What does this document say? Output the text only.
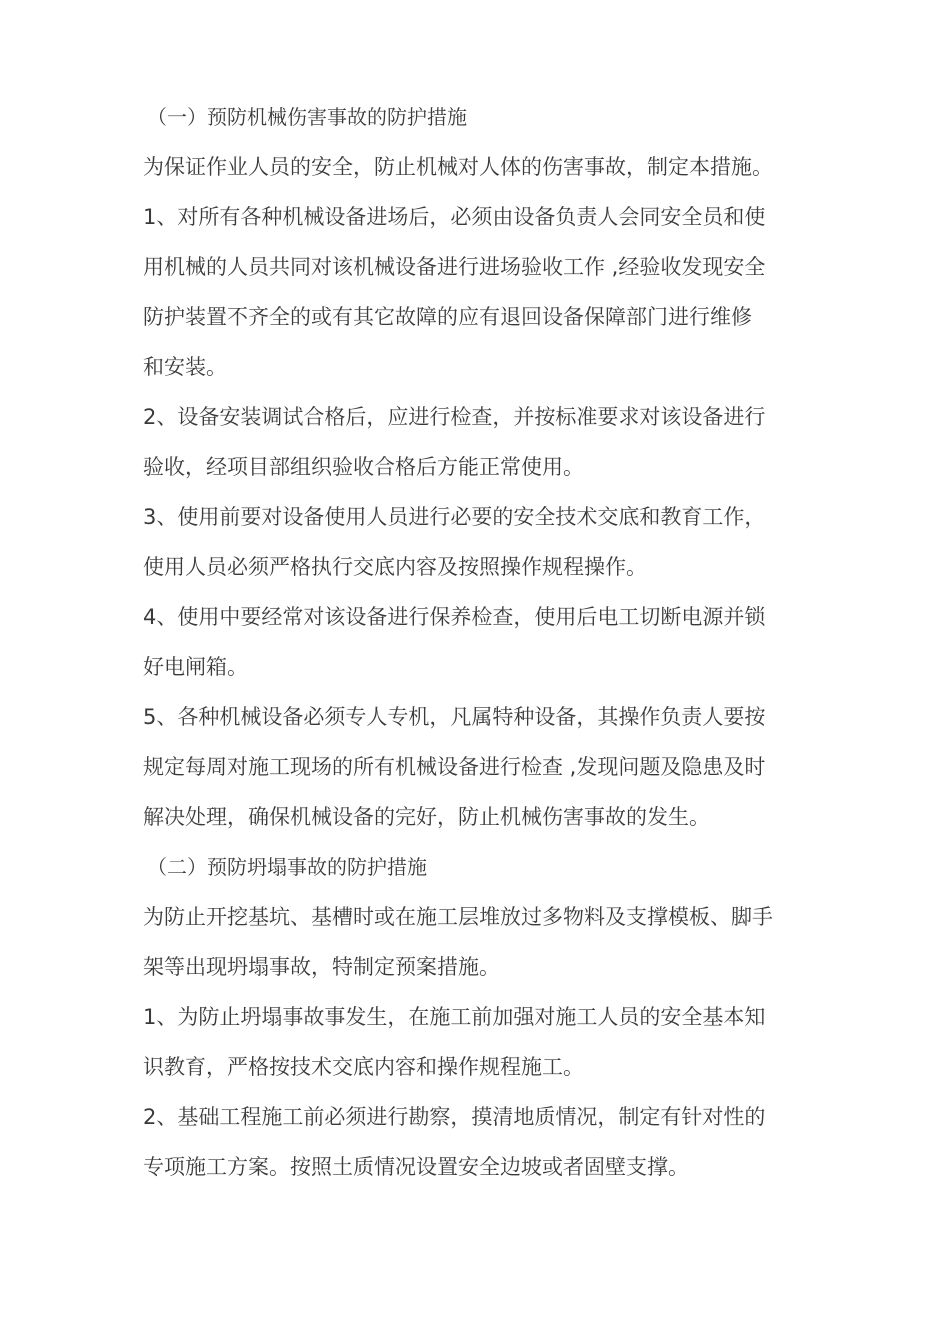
（一）预防机械伤害事故的防护措施

为保证作业人员的安全，防止机械对人体的伤害事故，制定本措施。

1、对所有各种机械设备进场后，必须由设备负责人会同安全员和使

用机械的人员共同对该机械设备进行进场验收工作 ,经验收发现安全

防护装置不齐全的或有其它故障的应有退回设备保障部门进行维修

和安装。

2、设备安装调试合格后，应进行检查，并按标准要求对该设备进行

验收，经项目部组织验收合格后方能正常使用。

3、使用前要对设备使用人员进行必要的安全技术交底和教育工作，

使用人员必须严格执行交底内容及按照操作规程操作。

4、使用中要经常对该设备进行保养检查，使用后电工切断电源并锁

好电闸箱。

5、各种机械设备必须专人专机，凡属特种设备，其操作负责人要按

规定每周对施工现场的所有机械设备进行检查 ,发现问题及隐患及时

解决处理，确保机械设备的完好，防止机械伤害事故的发生。

（二）预防坍塌事故的防护措施

为防止开挖基坑、基槽时或在施工层堆放过多物料及支撑模板、脚手

架等出现坍塌事故，特制定预案措施。

1、为防止坍塌事故事发生，在施工前加强对施工人员的安全基本知

识教育，严格按技术交底内容和操作规程施工。

2、基础工程施工前必须进行勘察，摸清地质情况，制定有针对性的

专项施工方案。按照土质情况设置安全边坡或者固壁支撑。
